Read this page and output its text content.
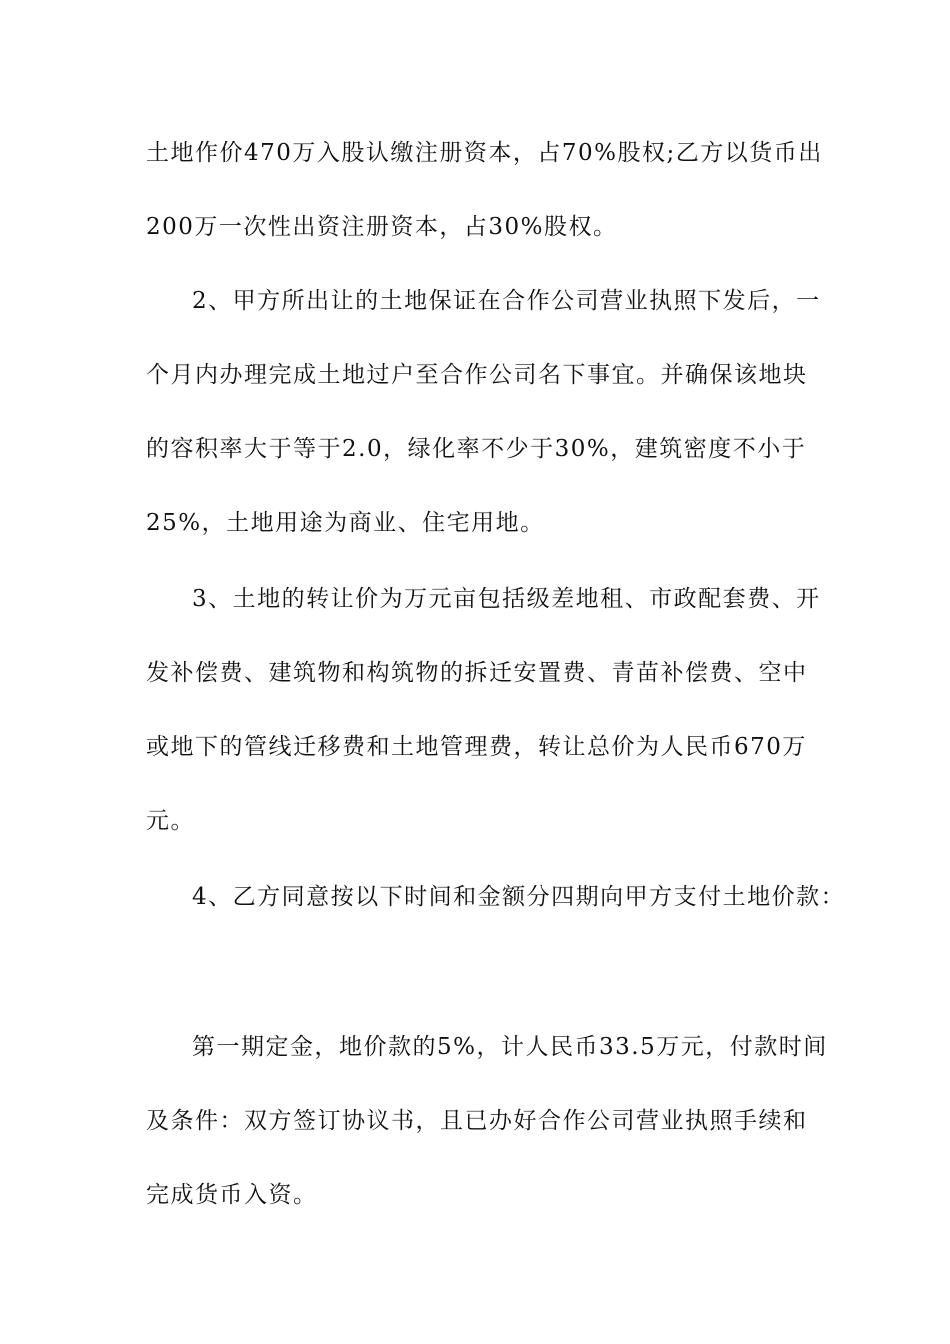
土地作价470万入股认缴注册资本，占70%股权;乙方以货币出
200万一次性出资注册资本，占30%股权。
2、甲方所出让的土地保证在合作公司营业执照下发后，一
个月内办理完成土地过户至合作公司名下事宜。并确保该地块
的容积率大于等于2.0，绿化率不少于30%，建筑密度不小于
25%，土地用途为商业、住宅用地。
3、土地的转让价为万元亩包括级差地租、市政配套费、开
发补偿费、建筑物和构筑物的拆迁安置费、青苗补偿费、空中
或地下的管线迁移费和土地管理费，转让总价为人民币670万
元。
4、乙方同意按以下时间和金额分四期向甲方支付土地价款：
第一期定金，地价款的5%，计人民币33.5万元，付款时间
及条件：双方签订协议书，且已办好合作公司营业执照手续和
完成货币入资。
